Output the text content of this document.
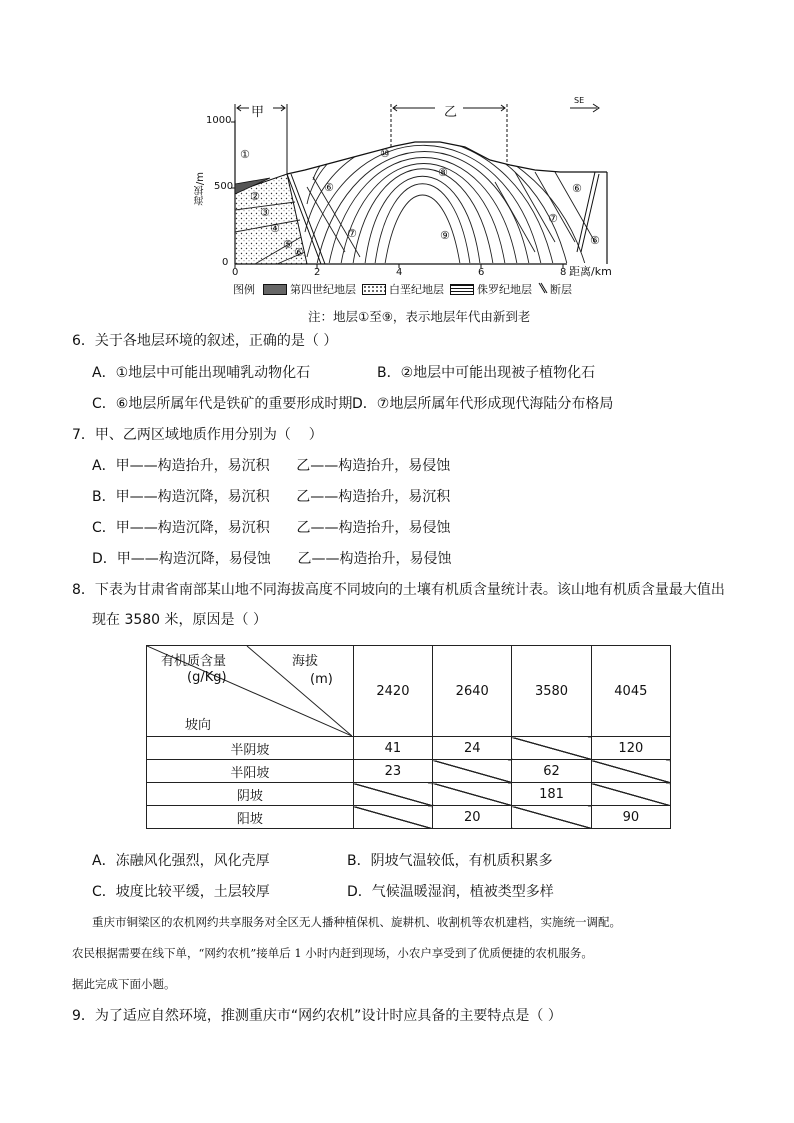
1000
500
0
海拔/m
0	2	4	6	8 距离/km
SE
甲	乙
①
②
③
④
⑤
⑥
⑥
⑦
⑧
⑨
⑩
⑥
⑦
⑥
图例	第四世纪地层	白垩纪地层	侏罗纪地层 断层
注：地层①至⑨，表示地层年代由新到老
6．关于各地层环境的叙述，正确的是（ ）
A．①地层中可能出现哺乳动物化石	B．②地层中可能出现被子植物化石
C．⑥地层所属年代是铁矿的重要形成时期 D．⑦地层所属年代形成现代海陆分布格局
7．甲、乙两区域地质作用分别为（    ）
A．甲——构造抬升，易沉积      乙——构造抬升，易侵蚀
B．甲——构造沉降，易沉积      乙——构造抬升，易沉积
C．甲——构造沉降，易沉积      乙——构造抬升，易侵蚀
D．甲——构造沉降，易侵蚀      乙——构造抬升，易侵蚀
8．下表为甘肃省南部某山地不同海拔高度不同坡向的土壤有机质含量统计表。该山地有机质含量最大值出
现在 3580 米，原因是（ ）
有机质含量
(g/Kg)
海拔
(m)
坡向	2420	2640	3580	4045
半阴坡	41	24		120
半阳坡	23		62	
阴坡			181	
阳坡		20		90
A．冻融风化强烈，风化壳厚	B．阴坡气温较低，有机质积累多
C．坡度比较平缓，土层较厚	D．气候温暖湿润，植被类型多样
重庆市铜梁区的农机网约共享服务对全区无人播种植保机、旋耕机、收割机等农机建档，实施统一调配。
农民根据需要在线下单，“网约农机”接单后 1 小时内赶到现场，小农户享受到了优质便捷的农机服务。
据此完成下面小题。
9．为了适应自然环境，推测重庆市“网约农机”设计时应具备的主要特点是（ ）
